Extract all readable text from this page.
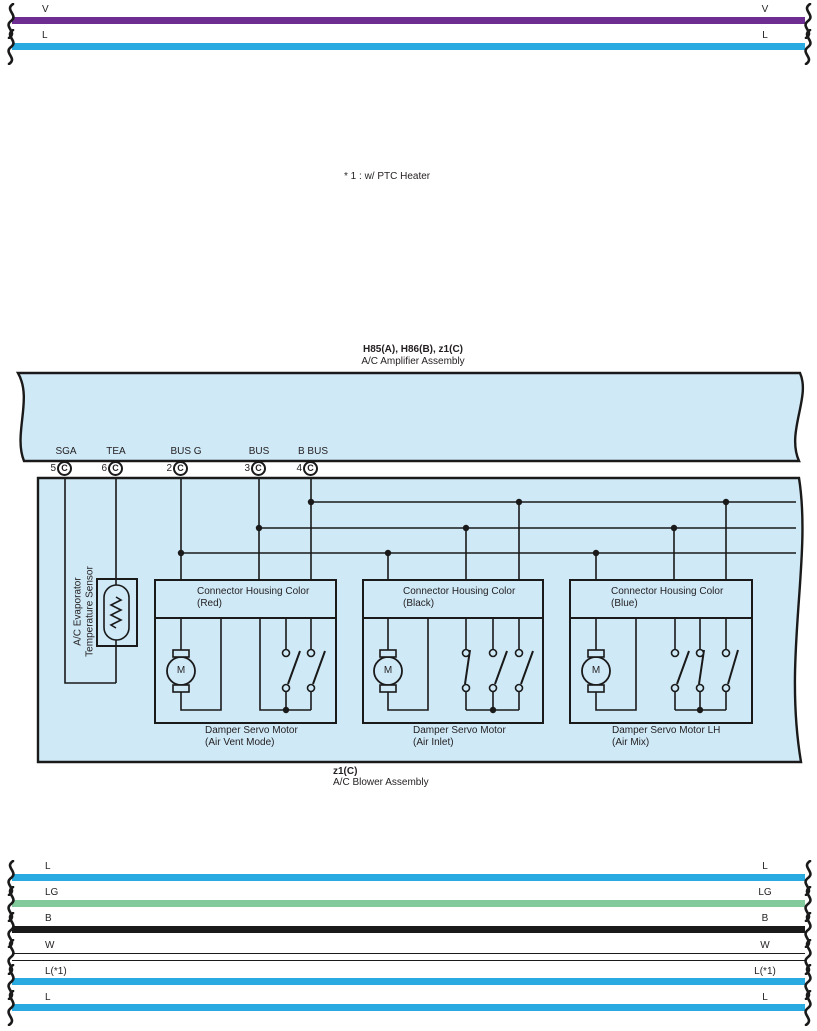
V	V
L	L
* 1 : w/ PTC Heater
H85(A), H86(B), z1(C)
A/C Amplifier Assembly
SGA
5 C
TEA
6 C
BUS G
2 C
BUS
3 C
B BUS
4 C
A/C Evaporator Temperature Sensor	Connector Housing Color
(Red)
Connector Housing Color
(Black)
Connector Housing Color
(Blue)
M	M	M
Damper Servo Motor
(Air Vent Mode)
Damper Servo Motor
(Air Inlet)
Damper Servo Motor LH
(Air Mix)
z1(C)
A/C Blower Assembly
L	L
LG	LG
B	B
W	W
L(*1)	L(*1)
L	L
